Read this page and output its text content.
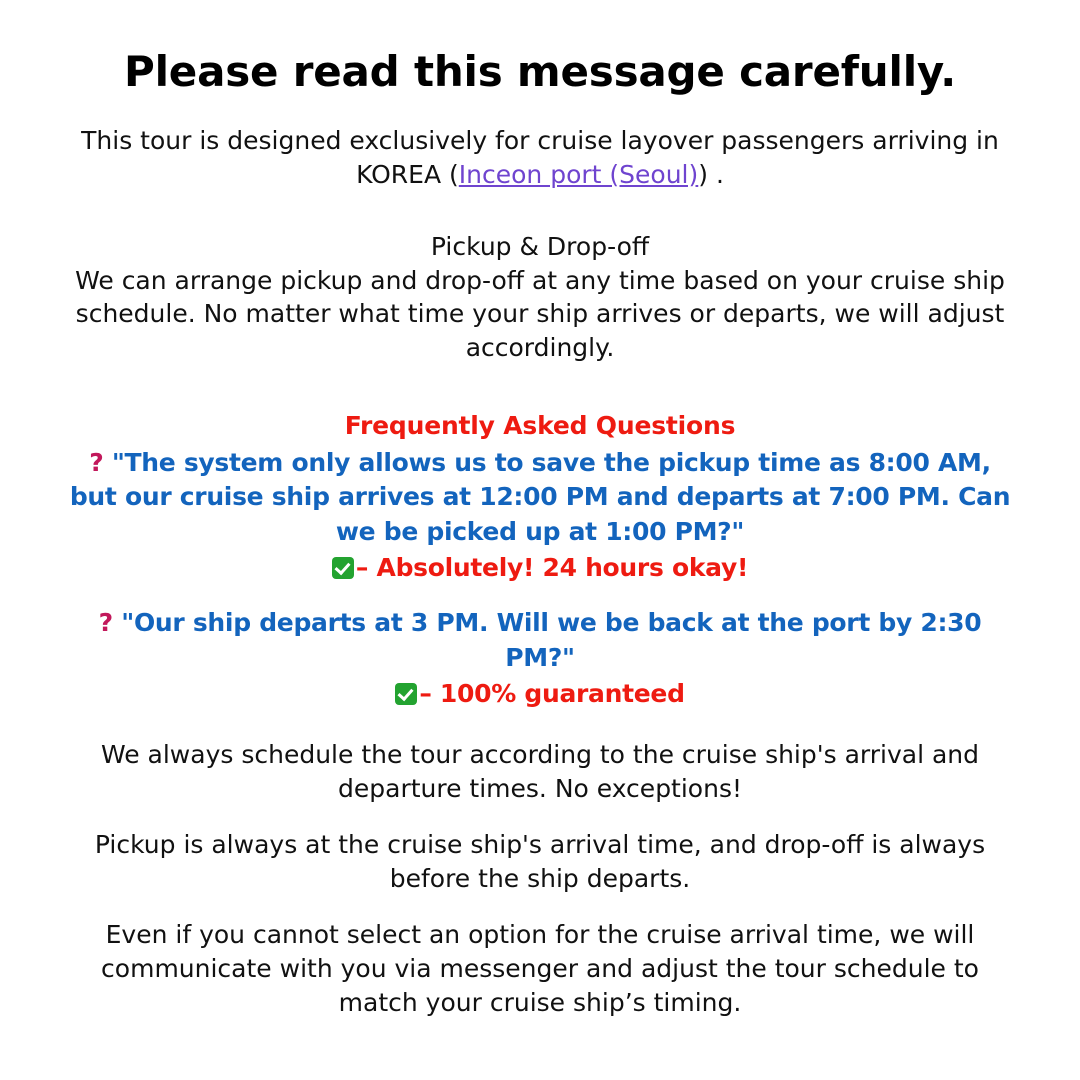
Please read this message carefully.
This tour is designed exclusively for cruise layover passengers arriving in
KOREA (Inceon port (Seoul)) .
Pickup & Drop-off
We can arrange pickup and drop-off at any time based on your cruise ship schedule. No matter what time your ship arrives or departs, we will adjust accordingly.
Frequently Asked Questions
? "The system only allows us to save the pickup time as 8:00 AM, but our cruise ship arrives at 12:00 PM and departs at 7:00 PM. Can we be picked up at 1:00 PM?"
– Absolutely! 24 hours okay!
? "Our ship departs at 3 PM. Will we be back at the port by 2:30 PM?"
– 100% guaranteed
We always schedule the tour according to the cruise ship's arrival and departure times. No exceptions!
Pickup is always at the cruise ship's arrival time, and drop-off is always before the ship departs.
Even if you cannot select an option for the cruise arrival time, we will communicate with you via messenger and adjust the tour schedule to match your cruise ship’s timing.
